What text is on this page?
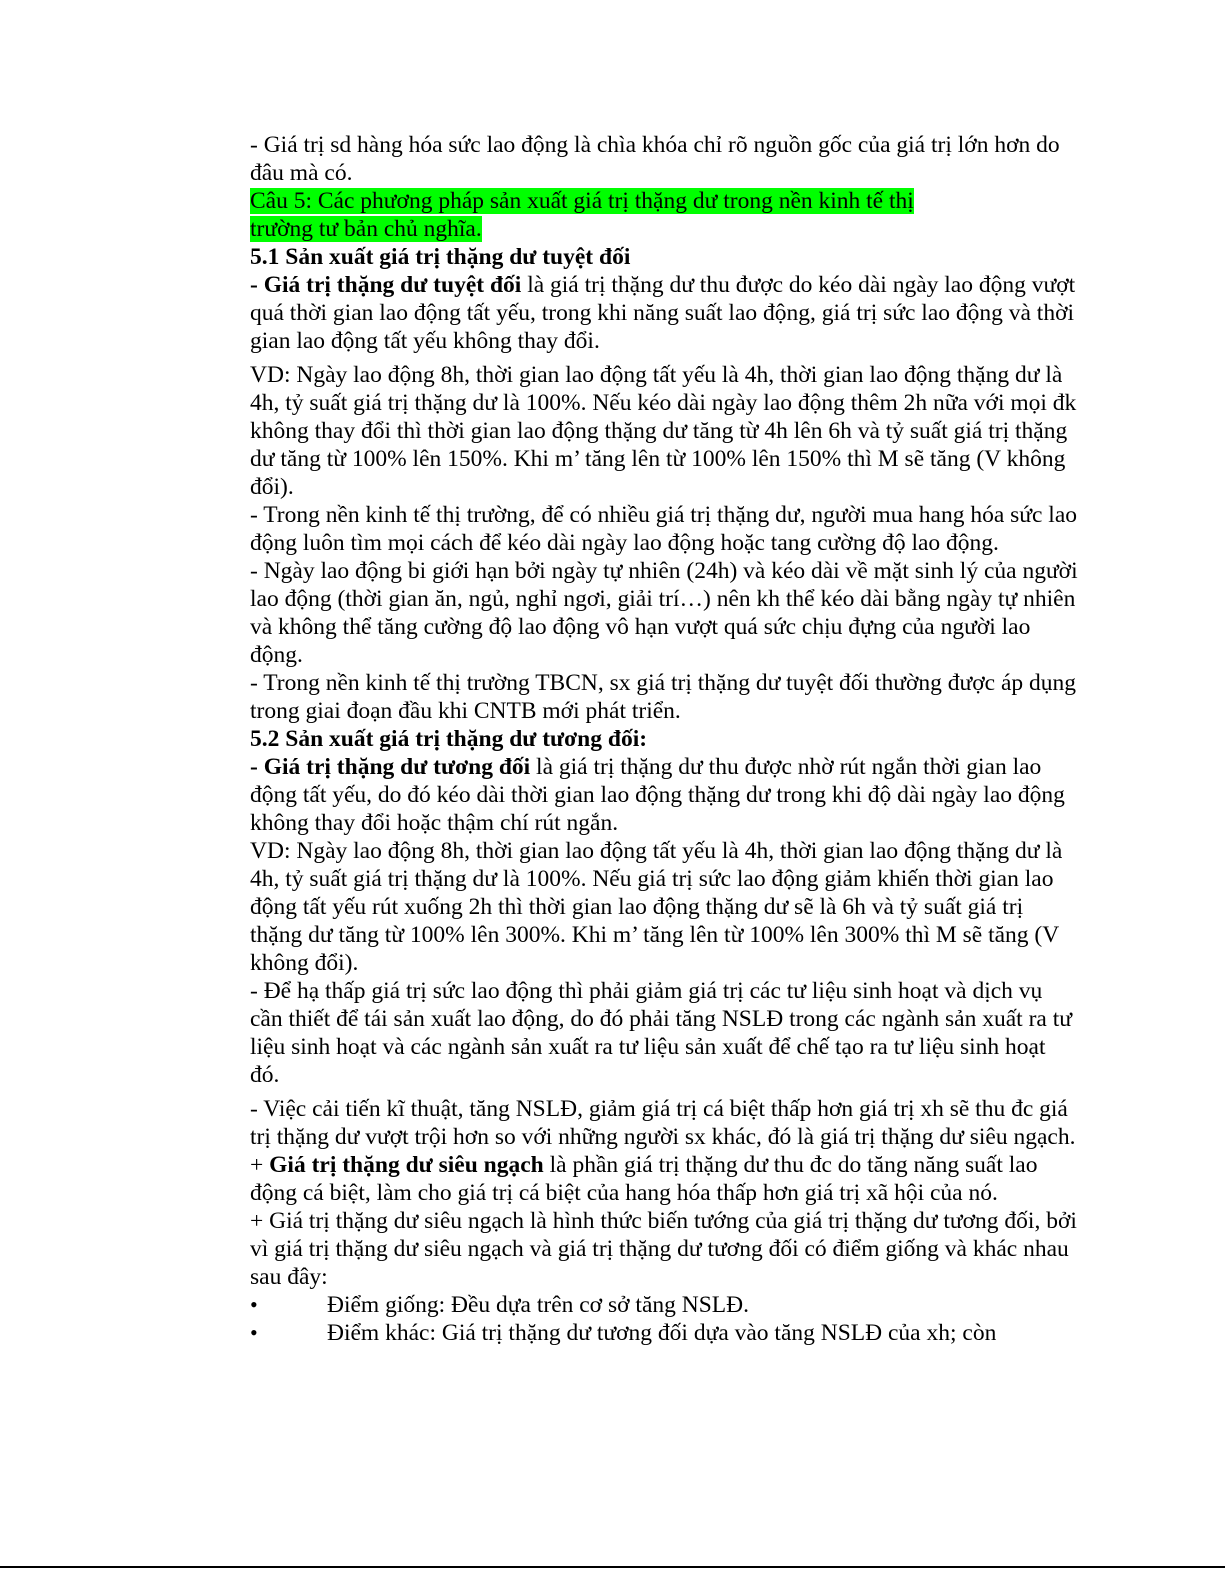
- Giá trị sd hàng hóa sức lao động là chìa khóa chỉ rõ nguồn gốc của giá trị lớn hơn do đâu mà có.

Câu 5: Các phương pháp sản xuất giá trị thặng dư trong nền kinh tế thị
trường tư bản chủ nghĩa.

5.1 Sản xuất giá trị thặng dư tuyệt đối

- Giá trị thặng dư tuyệt đối là giá trị thặng dư thu được do kéo dài ngày lao động vượt quá thời gian lao động tất yếu, trong khi năng suất lao động, giá trị sức lao động và thời gian lao động tất yếu không thay đổi.

VD: Ngày lao động 8h, thời gian lao động tất yếu là 4h, thời gian lao động thặng dư là 4h, tỷ suất giá trị thặng dư là 100%. Nếu kéo dài ngày lao động thêm 2h nữa với mọi đk không thay đổi thì thời gian lao động thặng dư tăng từ 4h lên 6h và tỷ suất giá trị thặng dư tăng từ 100% lên 150%. Khi m’ tăng lên từ 100% lên 150% thì M sẽ tăng (V không đổi).

- Trong nền kinh tế thị trường, để có nhiều giá trị thặng dư, người mua hang hóa sức lao động luôn tìm mọi cách để kéo dài ngày lao động hoặc tang cường độ lao động.

- Ngày lao động bi giới hạn bởi ngày tự nhiên (24h) và kéo dài về mặt sinh lý của người lao động (thời gian ăn, ngủ, nghỉ ngơi, giải trí…) nên kh thể kéo dài bằng ngày tự nhiên và không thể tăng cường độ lao động vô hạn vượt quá sức chịu đựng của người lao động.

- Trong nền kinh tế thị trường TBCN, sx giá trị thặng dư tuyệt đối thường được áp dụng trong giai đoạn đầu khi CNTB mới phát triển.

5.2 Sản xuất giá trị thặng dư tương đối:

- Giá trị thặng dư tương đối là giá trị thặng dư thu được nhờ rút ngắn thời gian lao động tất yếu, do đó kéo dài thời gian lao động thặng dư trong khi độ dài ngày lao động không thay đổi hoặc thậm chí rút ngắn.

VD: Ngày lao động 8h, thời gian lao động tất yếu là 4h, thời gian lao động thặng dư là 4h, tỷ suất giá trị thặng dư là 100%. Nếu giá trị sức lao động giảm khiến thời gian lao động tất yếu rút xuống 2h thì thời gian lao động thặng dư sẽ là 6h và tỷ suất giá trị thặng dư tăng từ 100% lên 300%. Khi m’ tăng lên từ 100% lên 300% thì M sẽ tăng (V không đổi).

- Để hạ thấp giá trị sức lao động thì phải giảm giá trị các tư liệu sinh hoạt và dịch vụ cần thiết để tái sản xuất lao động, do đó phải tăng NSLĐ trong các ngành sản xuất ra tư liệu sinh hoạt và các ngành sản xuất ra tư liệu sản xuất để chế tạo ra tư liệu sinh hoạt đó.

- Việc cải tiến kĩ thuật, tăng NSLĐ, giảm giá trị cá biệt thấp hơn giá trị xh sẽ thu đc giá trị thặng dư vượt trội hơn so với những người sx khác, đó là giá trị thặng dư siêu ngạch.

+ Giá trị thặng dư siêu ngạch là phần giá trị thặng dư thu đc do tăng năng suất lao động cá biệt, làm cho giá trị cá biệt của hang hóa thấp hơn giá trị xã hội của nó.

+ Giá trị thặng dư siêu ngạch là hình thức biến tướng của giá trị thặng dư tương đối, bởi vì giá trị thặng dư siêu ngạch và giá trị thặng dư tương đối có điểm giống và khác nhau sau đây:

•	Điểm giống: Đều dựa trên cơ sở tăng NSLĐ.
•	Điểm khác: Giá trị thặng dư tương đối dựa vào tăng NSLĐ của xh; còn
